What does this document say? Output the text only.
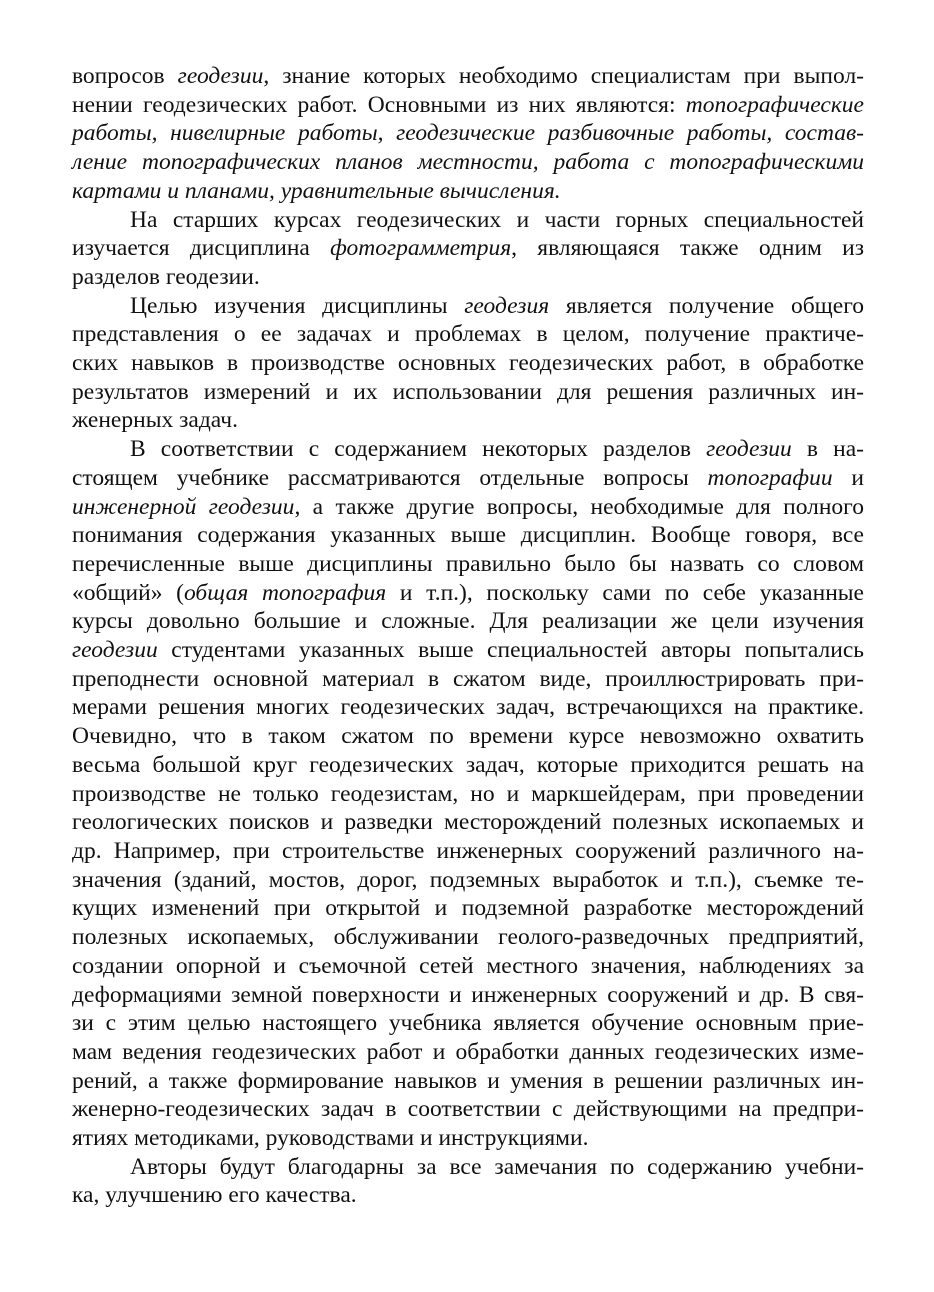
вопросов геодезии, знание которых необходимо специалистам при выпол-
нении геодезических работ. Основными из них являются: топографические
работы, нивелирные работы, геодезические разбивочные работы, состав-
ление топографических планов местности, работа с топографическими
картами и планами, уравнительные вычисления.

На старших курсах геодезических и части горных специальностей
изучается дисциплина фотограмметрия, являющаяся также одним из
разделов геодезии.

Целью изучения дисциплины геодезия является получение общего
представления о ее задачах и проблемах в целом, получение практиче-
ских навыков в производстве основных геодезических работ, в обработке
результатов измерений и их использовании для решения различных ин-
женерных задач.

В соответствии с содержанием некоторых разделов геодезии в на-
стоящем учебнике рассматриваются отдельные вопросы топографии и
инженерной геодезии, а также другие вопросы, необходимые для полного
понимания содержания указанных выше дисциплин. Вообще говоря, все
перечисленные выше дисциплины правильно было бы назвать со словом
«общий» (общая топография и т.п.), поскольку сами по себе указанные
курсы довольно большие и сложные. Для реализации же цели изучения
геодезии студентами указанных выше специальностей авторы попытались
преподнести основной материал в сжатом виде, проиллюстрировать при-
мерами решения многих геодезических задач, встречающихся на практике.
Очевидно, что в таком сжатом по времени курсе невозможно охватить
весьма большой круг геодезических задач, которые приходится решать на
производстве не только геодезистам, но и маркшейдерам, при проведении
геологических поисков и разведки месторождений полезных ископаемых и
др. Например, при строительстве инженерных сооружений различного на-
значения (зданий, мостов, дорог, подземных выработок и т.п.), съемке те-
кущих изменений при открытой и подземной разработке месторождений
полезных ископаемых, обслуживании геолого-разведочных предприятий,
создании опорной и съемочной сетей местного значения, наблюдениях за
деформациями земной поверхности и инженерных сооружений и др. В свя-
зи с этим целью настоящего учебника является обучение основным прие-
мам ведения геодезических работ и обработки данных геодезических изме-
рений, а также формирование навыков и умения в решении различных ин-
женерно-геодезических задач в соответствии с действующими на предпри-
ятиях методиками, руководствами и инструкциями.

Авторы будут благодарны за все замечания по содержанию учебни-
ка, улучшению его качества.
